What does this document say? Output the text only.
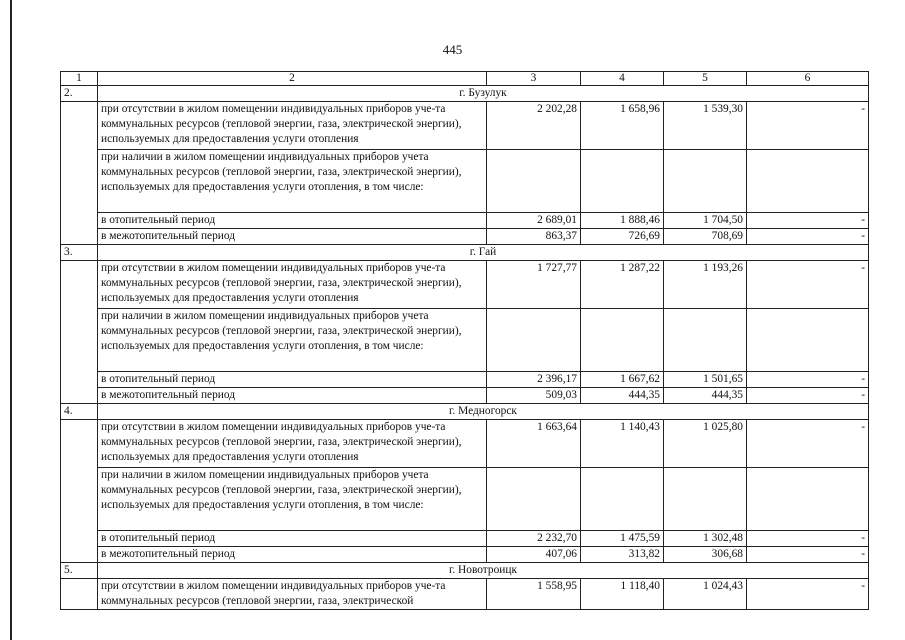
445
1	2	3	4	5	6
2.	г. Бузулук				
	при отсутствии в жилом помещении индивидуальных приборов уче-та коммунальных ресурсов (тепловой энергии, газа, электрической энергии), используемых для предоставления услуги отопления	2 202,28	1 658,96	1 539,30	-
	при наличии в жилом помещении индивидуальных приборов учета коммунальных ресурсов (тепловой энергии, газа, электрической энергии), используемых для предоставления услуги отопления, в том числе:				
	в отопительный период	2 689,01	1 888,46	1 704,50	-
	в межотопительный период	863,37	726,69	708,69	-
3.	г. Гай				
	при отсутствии в жилом помещении индивидуальных приборов уче-та коммунальных ресурсов (тепловой энергии, газа, электрической энергии), используемых для предоставления услуги отопления	1 727,77	1 287,22	1 193,26	-
	при наличии в жилом помещении индивидуальных приборов учета коммунальных ресурсов (тепловой энергии, газа, электрической энергии), используемых для предоставления услуги отопления, в том числе:				
	в отопительный период	2 396,17	1 667,62	1 501,65	-
	в межотопительный период	509,03	444,35	444,35	-
4.	г. Медногорск				
	при отсутствии в жилом помещении индивидуальных приборов уче-та коммунальных ресурсов (тепловой энергии, газа, электрической энергии), используемых для предоставления услуги отопления	1 663,64	1 140,43	1 025,80	-
	при наличии в жилом помещении индивидуальных приборов учета коммунальных ресурсов (тепловой энергии, газа, электрической энергии), используемых для предоставления услуги отопления, в том числе:				
	в отопительный период	2 232,70	1 475,59	1 302,48	-
	в межотопительный период	407,06	313,82	306,68	-
5.	г. Новотроицк				
	при отсутствии в жилом помещении индивидуальных приборов уче-та коммунальных ресурсов (тепловой энергии, газа, электрической	1 558,95	1 118,40	1 024,43	-
